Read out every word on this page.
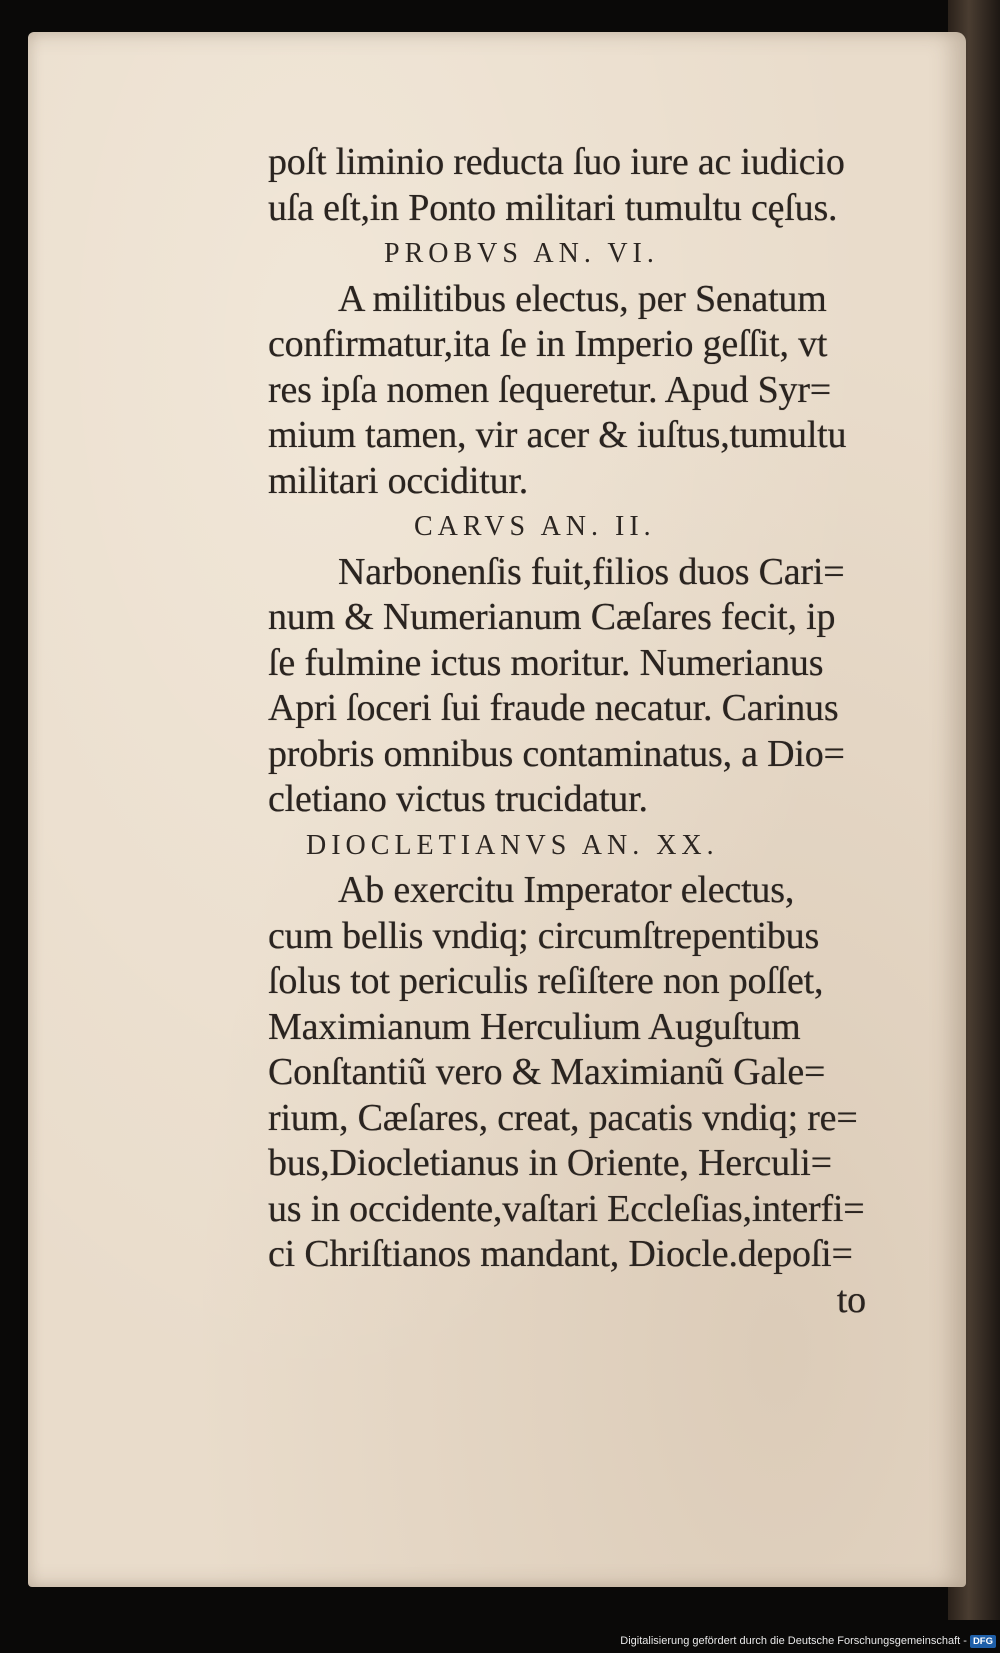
poſt liminio reducta ſuo iure ac iudicio
uſa eſt,in Ponto militari tumultu cęſus.
PROBVS AN. VI.
A militibus electus, per Senatum
confirmatur,ita ſe in Imperio geſſit, vt
res ipſa nomen ſequeretur. Apud Syr=
mium tamen, vir acer & iuſtus,tumultu
militari occiditur.
CARVS AN. II.
Narbonenſis fuit,filios duos Cari=
num & Numerianum Cæſares fecit, ip
ſe fulmine ictus moritur. Numerianus
Apri ſoceri ſui fraude necatur. Carinus
probris omnibus contaminatus, a Dio=
cletiano victus trucidatur.
DIOCLETIANVS AN. XX.
Ab exercitu Imperator electus,
cum bellis vndiq; circumſtrepentibus
ſolus tot periculis reſiſtere non poſſet,
Maximianum Herculium Auguſtum
Conſtantiũ vero & Maximianũ Gale=
rium, Cæſares, creat, pacatis vndiq; re=
bus,Diocletianus in Oriente, Herculi=
us in occidente,vaſtari Eccleſias,interfi=
ci Chriſtianos mandant, Diocle.depoſi=
to
Digitalisierung gefördert durch die Deutsche Forschungsgemeinschaft - DFG
